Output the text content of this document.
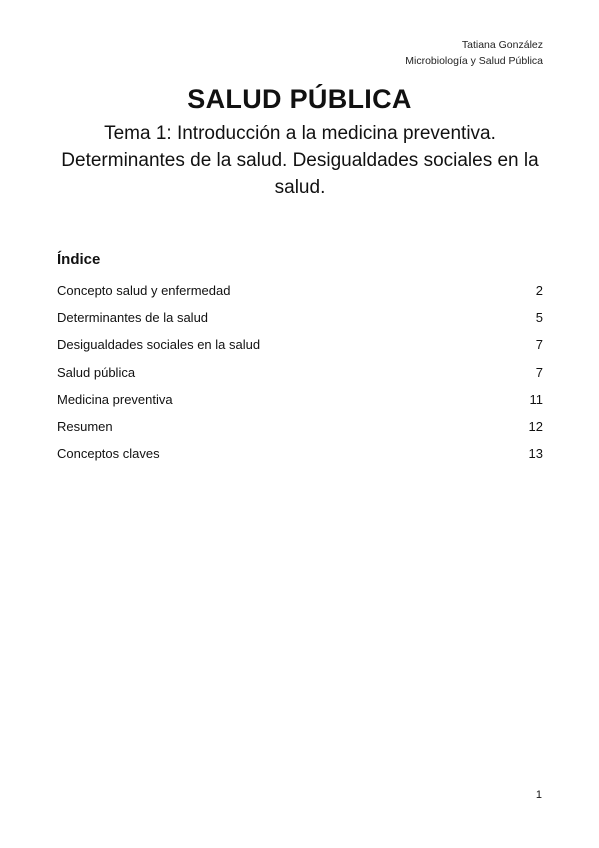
Tatiana González
Microbiología y Salud Pública
SALUD PÚBLICA
Tema 1: Introducción a la medicina preventiva. Determinantes de la salud. Desigualdades sociales en la salud.
Índice
Concepto salud y enfermedad	2
Determinantes de la salud	5
Desigualdades sociales en la salud	7
Salud pública	7
Medicina preventiva	11
Resumen	12
Conceptos claves	13
1
